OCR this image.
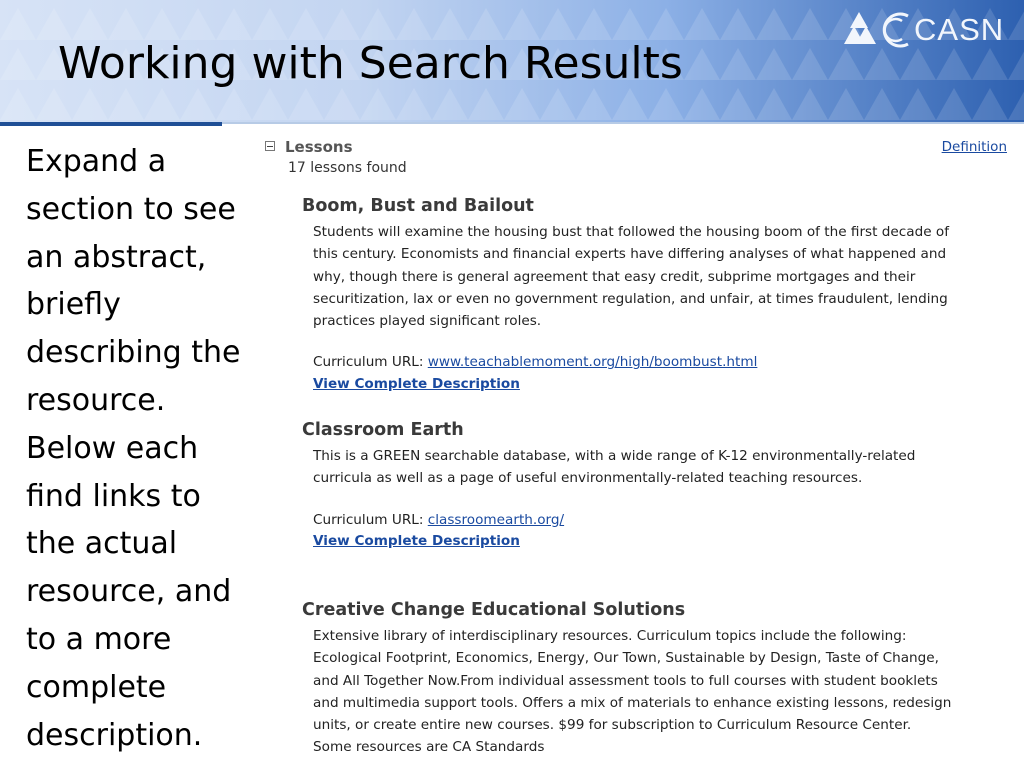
Working with Search Results
CASN
Expand a section to see an abstract, briefly describing the resource. Below each find links to the actual resource, and to a more complete description.
Lessons
17 lessons found
Definition
Boom, Bust and Bailout

Students will examine the housing bust that followed the housing boom of the first decade of this century. Economists and financial experts have differing analyses of what happened and why, though there is general agreement that easy credit, subprime mortgages and their securitization, lax or even no government regulation, and unfair, at times fraudulent, lending practices played significant roles.

Curriculum URL: www.teachablemoment.org/high/boombust.html
View Complete Description
Classroom Earth

This is a GREEN searchable database, with a wide range of K-12 environmentally-related curricula as well as a page of useful environmentally-related teaching resources.

Curriculum URL: classroomearth.org/
View Complete Description
Creative Change Educational Solutions

Extensive library of interdisciplinary resources. Curriculum topics include the following: Ecological Footprint, Economics, Energy, Our Town, Sustainable by Design, Taste of Change, and All Together Now.From individual assessment tools to full courses with student booklets and multimedia support tools. Offers a mix of materials to enhance existing lessons, redesign units, or create entire new courses. $99 for subscription to Curriculum Resource Center. Some resources are CA Standards
